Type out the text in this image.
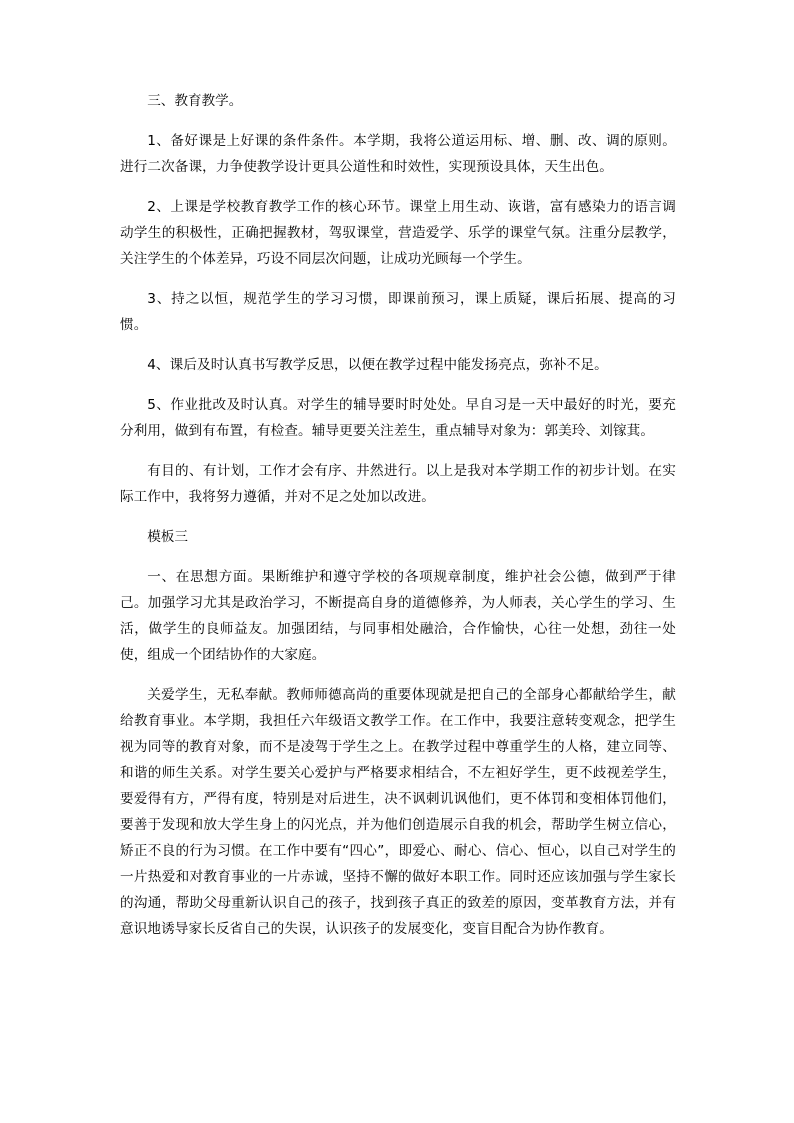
三、教育教学。

1、备好课是上好课的条件条件。本学期，我将公道运用标、增、删、改、调的原则。进行二次备课，力争使教学设计更具公道性和时效性，实现预设具体，天生出色。

2、上课是学校教育教学工作的核心环节。课堂上用生动、诙谐，富有感染力的语言调动学生的积极性，正确把握教材，驾驭课堂，营造爱学、乐学的课堂气氛。注重分层教学，关注学生的个体差异，巧设不同层次问题，让成功光顾每一个学生。

3、持之以恒，规范学生的学习习惯，即课前预习，课上质疑，课后拓展、提高的习惯。

4、课后及时认真书写教学反思，以便在教学过程中能发扬亮点，弥补不足。

5、作业批改及时认真。对学生的辅导要时时处处。早自习是一天中最好的时光，要充分利用，做到有布置，有检查。辅导更要关注差生，重点辅导对象为：郭美玲、刘镓萁。

有目的、有计划，工作才会有序、井然进行。以上是我对本学期工作的初步计划。在实际工作中，我将努力遵循，并对不足之处加以改进。

模板三

一、在思想方面。果断维护和遵守学校的各项规章制度，维护社会公德，做到严于律己。加强学习尤其是政治学习，不断提高自身的道德修养，为人师表，关心学生的学习、生活，做学生的良师益友。加强团结，与同事相处融洽，合作愉快，心往一处想，劲往一处使，组成一个团结协作的大家庭。

关爱学生，无私奉献。教师师德高尚的重要体现就是把自己的全部身心都献给学生，献给教育事业。本学期，我担任六年级语文教学工作。在工作中，我要注意转变观念，把学生视为同等的教育对象，而不是凌驾于学生之上。在教学过程中尊重学生的人格，建立同等、和谐的师生关系。对学生要关心爱护与严格要求相结合，不左袒好学生，更不歧视差学生，要爱得有方，严得有度，特别是对后进生，决不讽刺讥讽他们，更不体罚和变相体罚他们，要善于发现和放大学生身上的闪光点，并为他们创造展示自我的机会，帮助学生树立信心，矫正不良的行为习惯。在工作中要有“四心”，即爱心、耐心、信心、恒心，以自己对学生的一片热爱和对教育事业的一片赤诚，坚持不懈的做好本职工作。同时还应该加强与学生家长的沟通，帮助父母重新认识自己的孩子，找到孩子真正的致差的原因，变革教育方法，并有意识地诱导家长反省自己的失误，认识孩子的发展变化，变盲目配合为协作教育。
